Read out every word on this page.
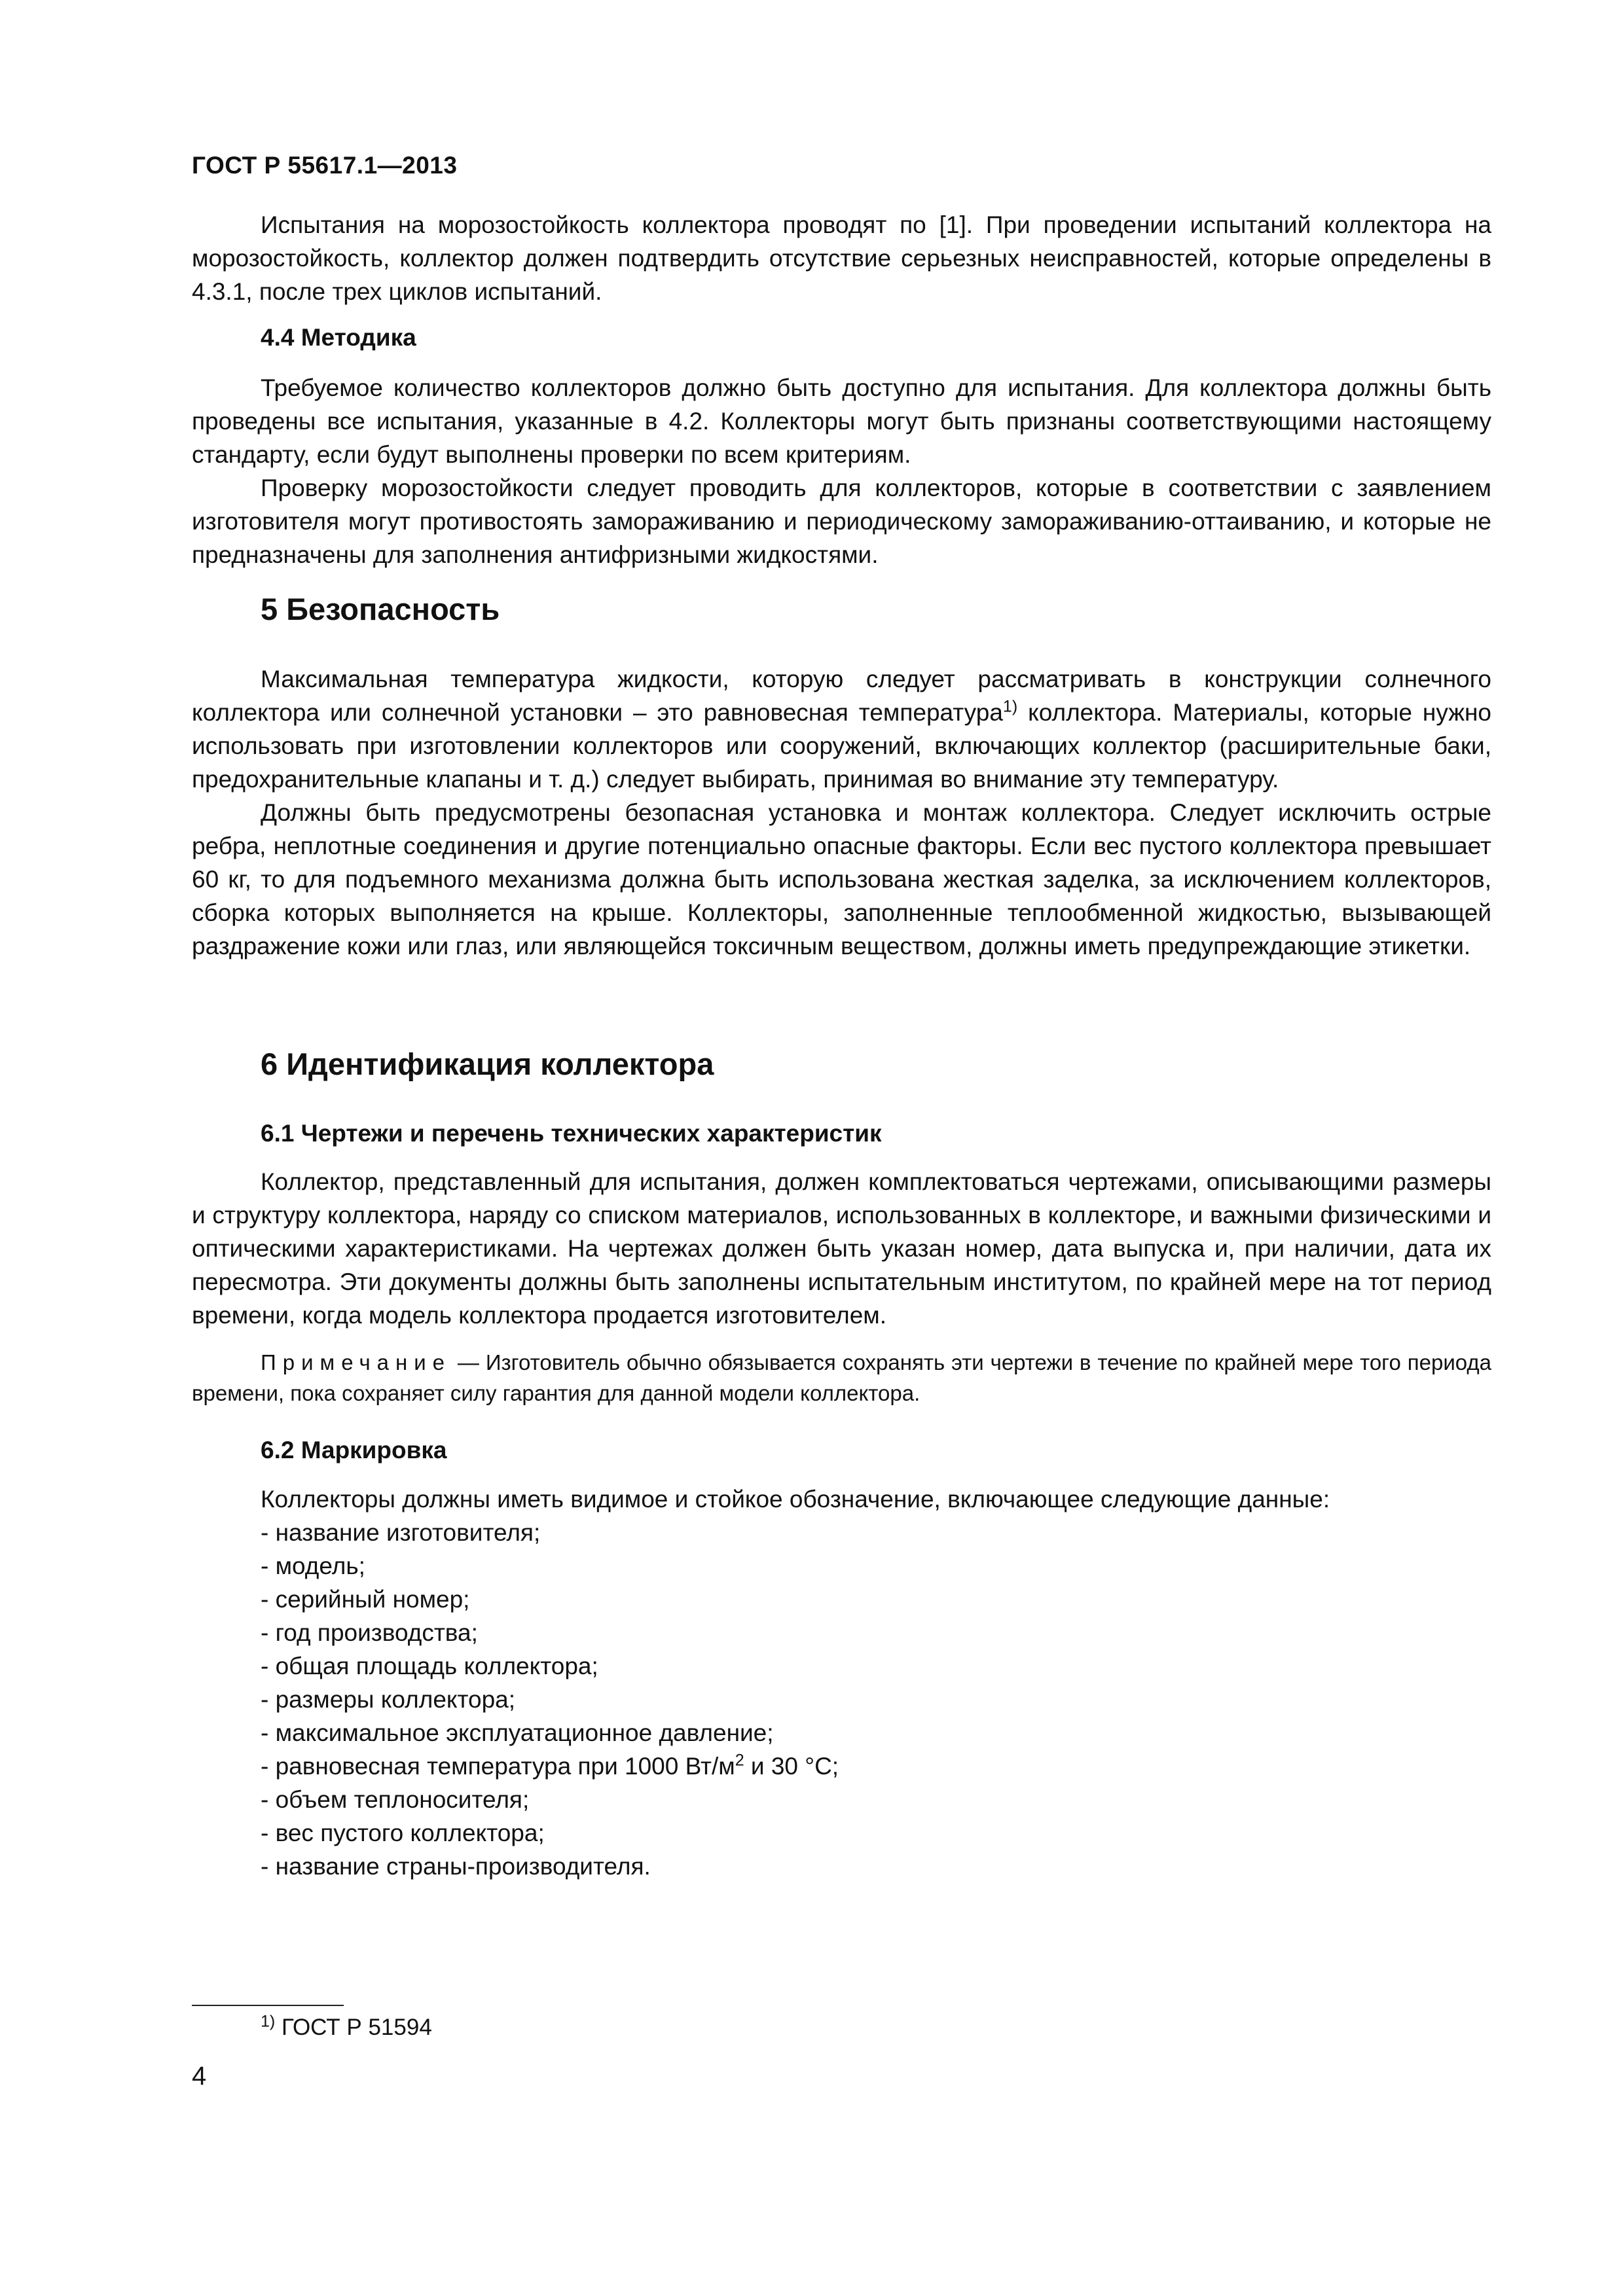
ГОСТ Р 55617.1—2013

Испытания на морозостойкость коллектора проводят по [1]. При проведении испытаний коллектора на морозостойкость, коллектор должен подтвердить отсутствие серьезных неисправностей, которые определены в 4.3.1, после трех циклов испытаний.

4.4 Методика

Требуемое количество коллекторов должно быть доступно для испытания. Для коллектора должны быть проведены все испытания, указанные в 4.2. Коллекторы могут быть признаны соответствующими настоящему стандарту, если будут выполнены проверки по всем критериям.

Проверку морозостойкости следует проводить для коллекторов, которые в соответствии с заявлением изготовителя могут противостоять замораживанию и периодическому замораживанию-оттаиванию, и которые не предназначены для заполнения антифризными жидкостями.

5 Безопасность

Максимальная температура жидкости, которую следует рассматривать в конструкции солнечного коллектора или солнечной установки – это равновесная температура$^{1)}$ коллектора. Материалы, которые нужно использовать при изготовлении коллекторов или сооружений, включающих коллектор (расширительные баки, предохранительные клапаны и т. д.) следует выбирать, принимая во внимание эту температуру.

Должны быть предусмотрены безопасная установка и монтаж коллектора. Следует исключить острые ребра, неплотные соединения и другие потенциально опасные факторы. Если вес пустого коллектора превышает 60 кг, то для подъемного механизма должна быть использована жесткая заделка, за исключением коллекторов, сборка которых выполняется на крыше. Коллекторы, заполненные теплообменной жидкостью, вызывающей раздражение кожи или глаз, или являющейся токсичным веществом, должны иметь предупреждающие этикетки.

6 Идентификация коллектора

6.1 Чертежи и перечень технических характеристик

Коллектор, представленный для испытания, должен комплектоваться чертежами, описывающими размеры и структуру коллектора, наряду со списком материалов, использованных в коллекторе, и важными физическими и оптическими характеристиками. На чертежах должен быть указан номер, дата выпуска и, при наличии, дата их пересмотра. Эти документы должны быть заполнены испытательным институтом, по крайней мере на тот период времени, когда модель коллектора продается изготовителем.

Примечание — Изготовитель обычно обязывается сохранять эти чертежи в течение по крайней мере того периода времени, пока сохраняет силу гарантия для данной модели коллектора.

6.2 Маркировка

Коллекторы должны иметь видимое и стойкое обозначение, включающее следующие данные:

- название изготовителя;
- модель;
- серийный номер;
- год производства;
- общая площадь коллектора;
- размеры коллектора;
- максимальное эксплуатационное давление;
- равновесная температура при 1000 $Вт/м^2$ и 30 °С;
- объем теплоносителя;
- вес пустого коллектора;
- название страны-производителя.
$^{1)}$ ГОСТ Р 51594
4
